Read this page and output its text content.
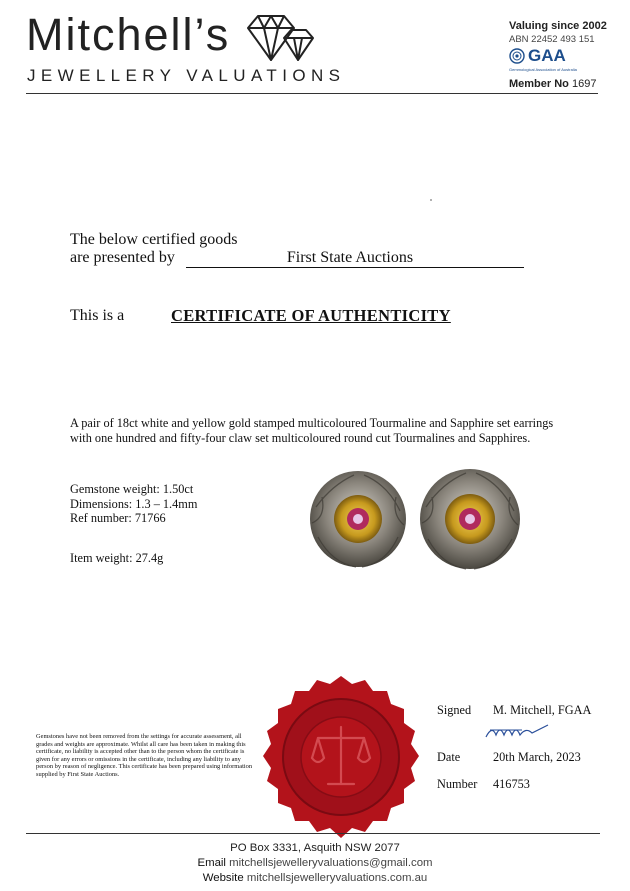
Mitchell’s
JEWELLERY VALUATIONS
Valuing since 2002
ABN 22452 493 151
GAA
Gemmological Association of Australia
Member No 1697
The below certified goods
are presented by	First State Auctions
This is a	CERTIFICATE OF AUTHENTICITY
A pair of 18ct white and yellow gold stamped multicoloured Tourmaline and Sapphire set earrings with one hundred and fifty-four claw set multicoloured round cut Tourmalines and Sapphires.
Gemstone weight: 1.50ct
Dimensions: 1.3 – 1.4mm
Ref number: 71766
Item weight: 27.4g
Gemstones have not been removed from the settings for accurate assessment, all grades and weights are approximate. Whilst all care has been taken in making this certificate, no liability is accepted other than to the person whom the certificate is given for any errors or omissions in the certificate, including any liability to any person by reason of negligence. This certificate has been prepared using information supplied by First State Auctions.
Signed M. Mitchell, FGAA
Date	20th March, 2023
Number 416753
PO Box 3331, Asquith NSW 2077
Email mitchellsjewelleryvaluations@gmail.com
Website mitchellsjewelleryvaluations.com.au
